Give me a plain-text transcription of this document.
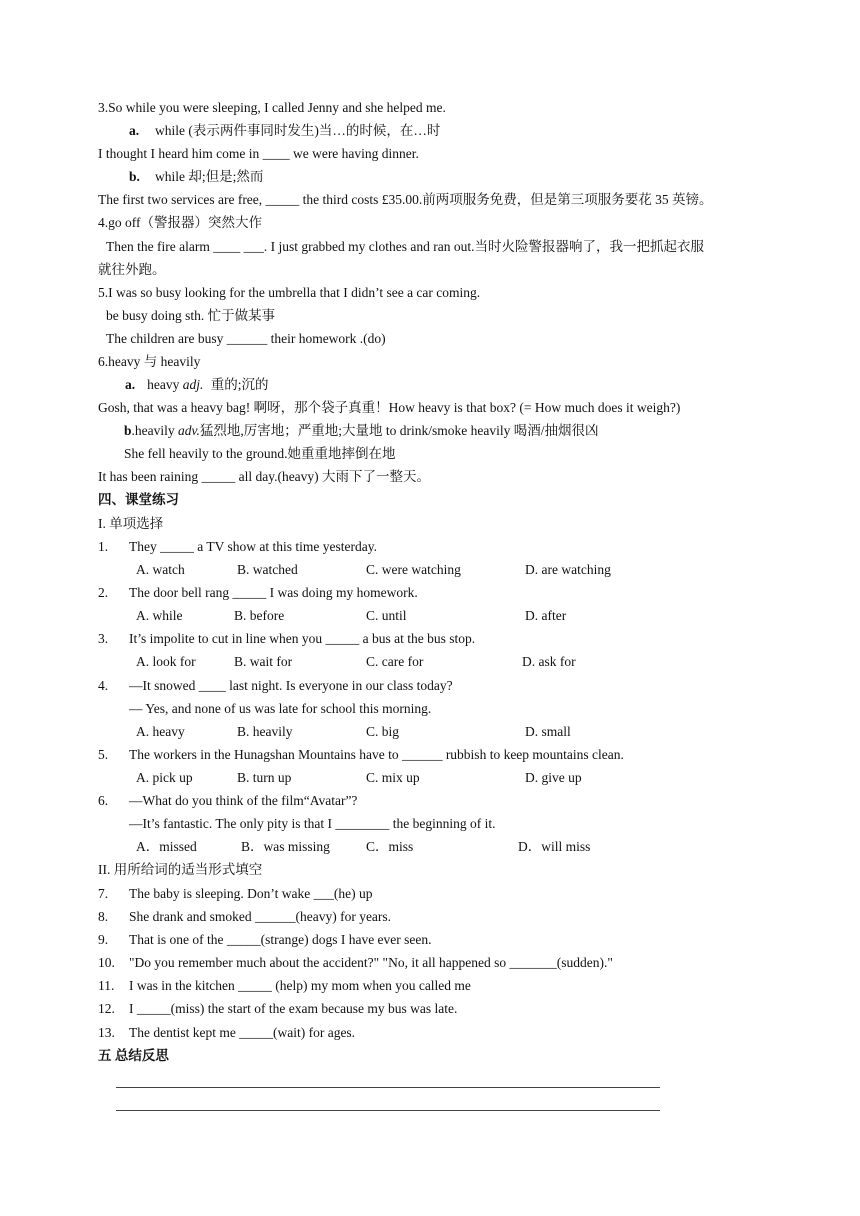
3.So while you were sleeping, I called Jenny and she helped me.
a. while (表示两件事同时发生)当…的时候，在…时
I thought I heard him come in ____ we were having dinner.
b. while 却;但是;然而
The first two services are free, _____ the third costs £35.00.前两项服务免费，但是第三项服务要花 35 英镑。
4.go off（警报器）突然大作
Then the fire alarm ____ ___. I just grabbed my clothes and ran out.当时火险警报器响了，我一把抓起衣服
就往外跑。
5.I was so busy looking for the umbrella that I didn’t see a car coming.
be busy doing sth. 忙于做某事
The children are busy ______ their homework .(do)
6.heavy 与 heavily
a. heavy adj. 重的;沉的
Gosh, that was a heavy bag! 啊呀，那个袋子真重！How heavy is that box? (= How much does it weigh?)
b.heavily adv.猛烈地,厉害地；严重地;大量地 to drink/smoke heavily 喝酒/抽烟很凶
She fell heavily to the ground.她重重地摔倒在地
It has been raining _____ all day.(heavy) 大雨下了一整天。
四、课堂练习
I. 单项选择
1. They _____ a TV show at this time yesterday.
A. watch	B. watched	C. were watching	D. are watching
2. The door bell rang _____ I was doing my homework.
A. while	B. before	C. until	D. after
3. It’s impolite to cut in line when you _____ a bus at the bus stop.
A. look for	B. wait for	C. care for	D. ask for
4. —It snowed ____ last night. Is everyone in our class today?
— Yes, and none of us was late for school this morning.
A. heavy	B. heavily	C. big	D. small
5. The workers in the Hunagshan Mountains have to ______ rubbish to keep mountains clean.
A. pick up	B. turn up	C. mix up	D. give up
6. —What do you think of the film“Avatar”?
—It’s fantastic. The only pity is that I ________ the beginning of it.
A．missed	B．was missing	C．miss	D．will miss
II. 用所给词的适当形式填空
7. The baby is sleeping. Don’t wake ___(he) up
8. She drank and smoked ______(heavy) for years.
9. That is one of the _____(strange) dogs I have ever seen.
10. "Do you remember much about the accident?" "No, it all happened so _______(sudden)."
11. I was in the kitchen _____ (help) my mom when you called me
12. I _____(miss) the start of the exam because my bus was late.
13. The dentist kept me _____(wait) for ages.
五 总结反思
